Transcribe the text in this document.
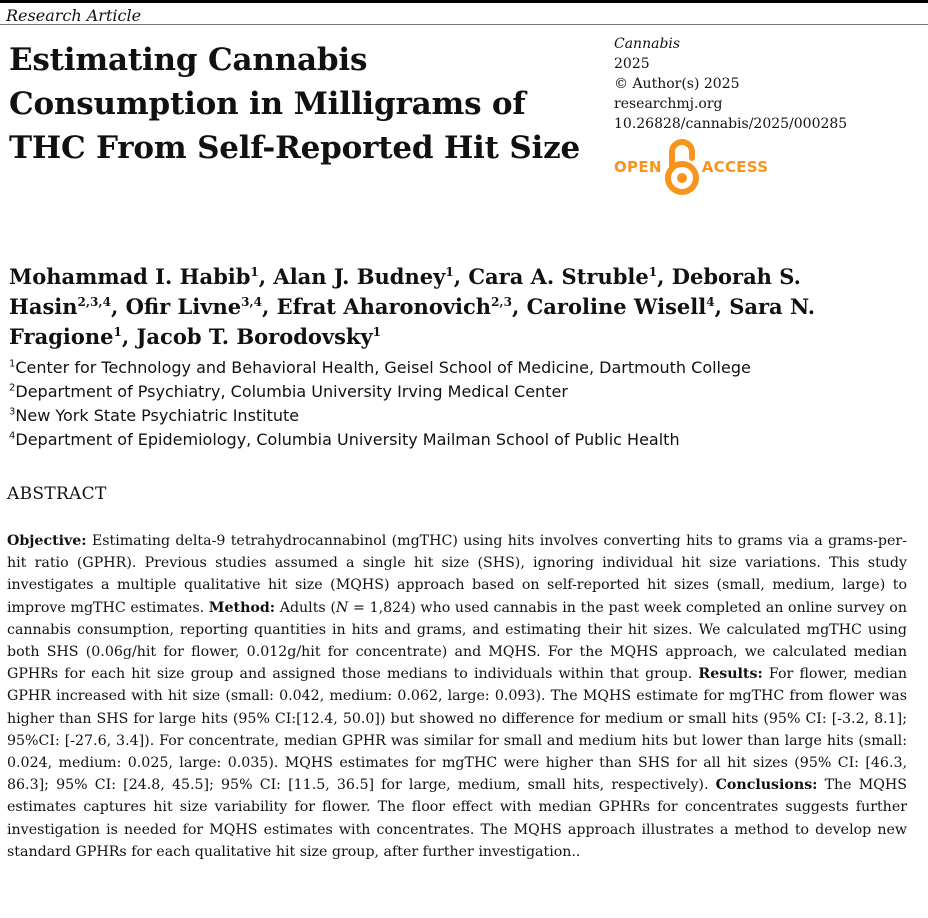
Research Article
Estimating Cannabis Consumption in Milligrams of THC From Self-Reported Hit Size
Cannabis
2025
© Author(s) 2025
researchmj.org
10.26828/cannabis/2025/000285
OPEN	ACCESS
Mohammad I. Habib$^1$, Alan J. Budney$^1$, Cara A. Struble$^1$, Deborah S. Hasin$^{2,3,4}$, Ofir Livne$^{3,4}$, Efrat Aharonovich$^{2,3}$, Caroline Wisell$^4$, Sara N. Fragione$^1$, Jacob T. Borodovsky$^1$
$^1$Center for Technology and Behavioral Health, Geisel School of Medicine, Dartmouth College
$^2$Department of Psychiatry, Columbia University Irving Medical Center
$^3$New York State Psychiatric Institute
$^4$Department of Epidemiology, Columbia University Mailman School of Public Health
ABSTRACT

Objective: Estimating delta-9 tetrahydrocannabinol (mgTHC) using hits involves converting hits to grams via a grams-per-hit ratio (GPHR). Previous studies assumed a single hit size (SHS), ignoring individual hit size variations. This study investigates a multiple qualitative hit size (MQHS) approach based on self-reported hit sizes (small, medium, large) to improve mgTHC estimates. Method: Adults (N = 1,824) who used cannabis in the past week completed an online survey on cannabis consumption, reporting quantities in hits and grams, and estimating their hit sizes. We calculated mgTHC using both SHS (0.06g/hit for flower, 0.012g/hit for concentrate) and MQHS. For the MQHS approach, we calculated median GPHRs for each hit size group and assigned those medians to individuals within that group. Results: For flower, median GPHR increased with hit size (small: 0.042, medium: 0.062, large: 0.093). The MQHS estimate for mgTHC from flower was higher than SHS for large hits (95% CI:[12.4, 50.0]) but showed no difference for medium or small hits (95% CI: [-3.2, 8.1]; 95%CI: [-27.6, 3.4]). For concentrate, median GPHR was similar for small and medium hits but lower than large hits (small: 0.024, medium: 0.025, large: 0.035). MQHS estimates for mgTHC were higher than SHS for all hit sizes (95% CI: [46.3, 86.3]; 95% CI: [24.8, 45.5]; 95% CI: [11.5, 36.5] for large, medium, small hits, respectively). Conclusions: The MQHS estimates captures hit size variability for flower. The floor effect with median GPHRs for concentrates suggests further investigation is needed for MQHS estimates with concentrates. The MQHS approach illustrates a method to develop new standard GPHRs for each qualitative hit size group, after further investigation..
